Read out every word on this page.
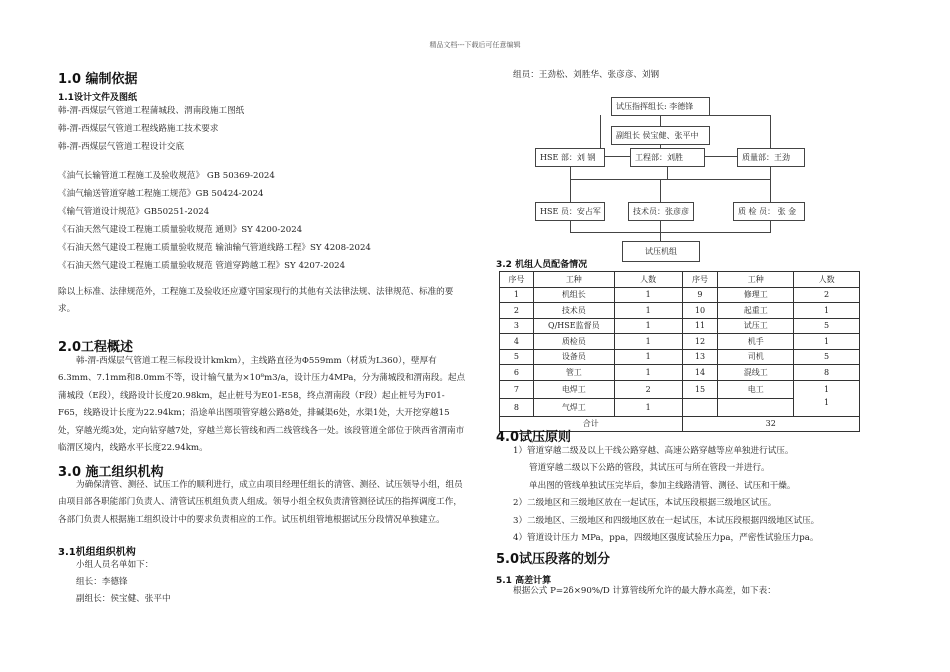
精品文档---下载后可任意编辑
1.0 编制依据
1.1设计文件及图纸
韩-渭-西煤层气管道工程蒲城段、渭南段施工图纸
韩-渭-西煤层气管道工程线路施工技术要求
韩-渭-西煤层气管道工程设计交底
《油气长输管道工程施工及验收规范》 GB 50369-2024
《油气输送管道穿越工程施工规范》GB 50424-2024
《输气管道设计规范》GB50251-2024
《石油天然气建设工程施工质量验收规范 通则》SY 4200-2024
《石油天然气建设工程施工质量验收规范 输油输气管道线路工程》SY 4208-2024
《石油天然气建设工程施工质量验收规范 管道穿跨越工程》SY 4207-2024
除以上标准、法律规范外，工程施工及验收还应遵守国家现行的其他有关法律法规、法律规范、标准的要求。
2.0工程概述
韩-渭-西煤层气管道工程三标段设计kmkm），主线路直径为Φ559mm（材质为L360），壁厚有6.3mm、7.1mm和8.0mm不等，设计输气量为×10⁸m3/a，设计压力4MPa，分为蒲城段和渭南段。起点蒲城段（E段），线路设计长度20.98km，起止桩号为E01-E58，终点渭南段（F段）起止桩号为F01-F65，线路设计长度为22.94km；沿途单出图项管穿越公路8处，排碱渠6处，水渠1处，大开挖穿越15处，穿越光缆3处，定向钻穿越7处，穿越兰郑长管线和西二线管线各一处。该段管道全部位于陕西省渭南市临渭区境内，线路水平长度22.94km。
3.0 施工组织机构
为确保清管、测径、试压工作的顺利进行，成立由项目经理任组长的清管、测径、试压领导小组，组员由项目部各职能部门负责人、清管试压机组负责人组成。领导小组全权负责清管测径试压的指挥调度工作，各部门负责人根据施工组织设计中的要求负责相应的工作。试压机组管地根据试压分段情况单独建立。
3.1机组组织机构
小组人员名单如下：
组长：李德锋
副组长：侯宝健、张平中
组员：王劲松、刘胜华、张彦彦、刘钢
试压指挥组长: 李德锋
副组长 侯宝健、张平中
HSE 部：刘 钢	工程部：刘胜	质量部：王劲
HSE 员：安占军	技术员：张彦彦	质 检 员： 张 金
试压机组
3.2 机组人员配备情况
序号	工种	人数	序号	工种	人数
1	机组长	1	9	修理工	2
2	技术员	1	10	起重工	1
3	Q/HSE监督员	1	11	试压工	5
4	质检员	1	12	机手	1
5	设备员	1	13	司机	5
6	管工	1	14	混线工	8
7	电焊工	2	15	电工	1
1

8	气焊工	1			
合计			32		
4.0试压原则
1）管道穿越二级及以上干线公路穿越、高速公路穿越等应单独进行试压。
管道穿越二级以下公路的管段，其试压可与所在管段一并进行。
单出图的管线单独试压完毕后，参加主线路清管、测径、试压和干燥。
2）二级地区和三级地区放在一起试压，本试压段根据三级地区试压。
3）二级地区、三级地区和四级地区放在一起试压，本试压段根据四级地区试压。
4）管道设计压力 MPa，ppa，四级地区强度试验压力pa，严密性试验压力pa。
5.0试压段落的划分
5.1 高差计算
根据公式 P=2δ×90%/D 计算管线所允许的最大静水高差，如下表：
